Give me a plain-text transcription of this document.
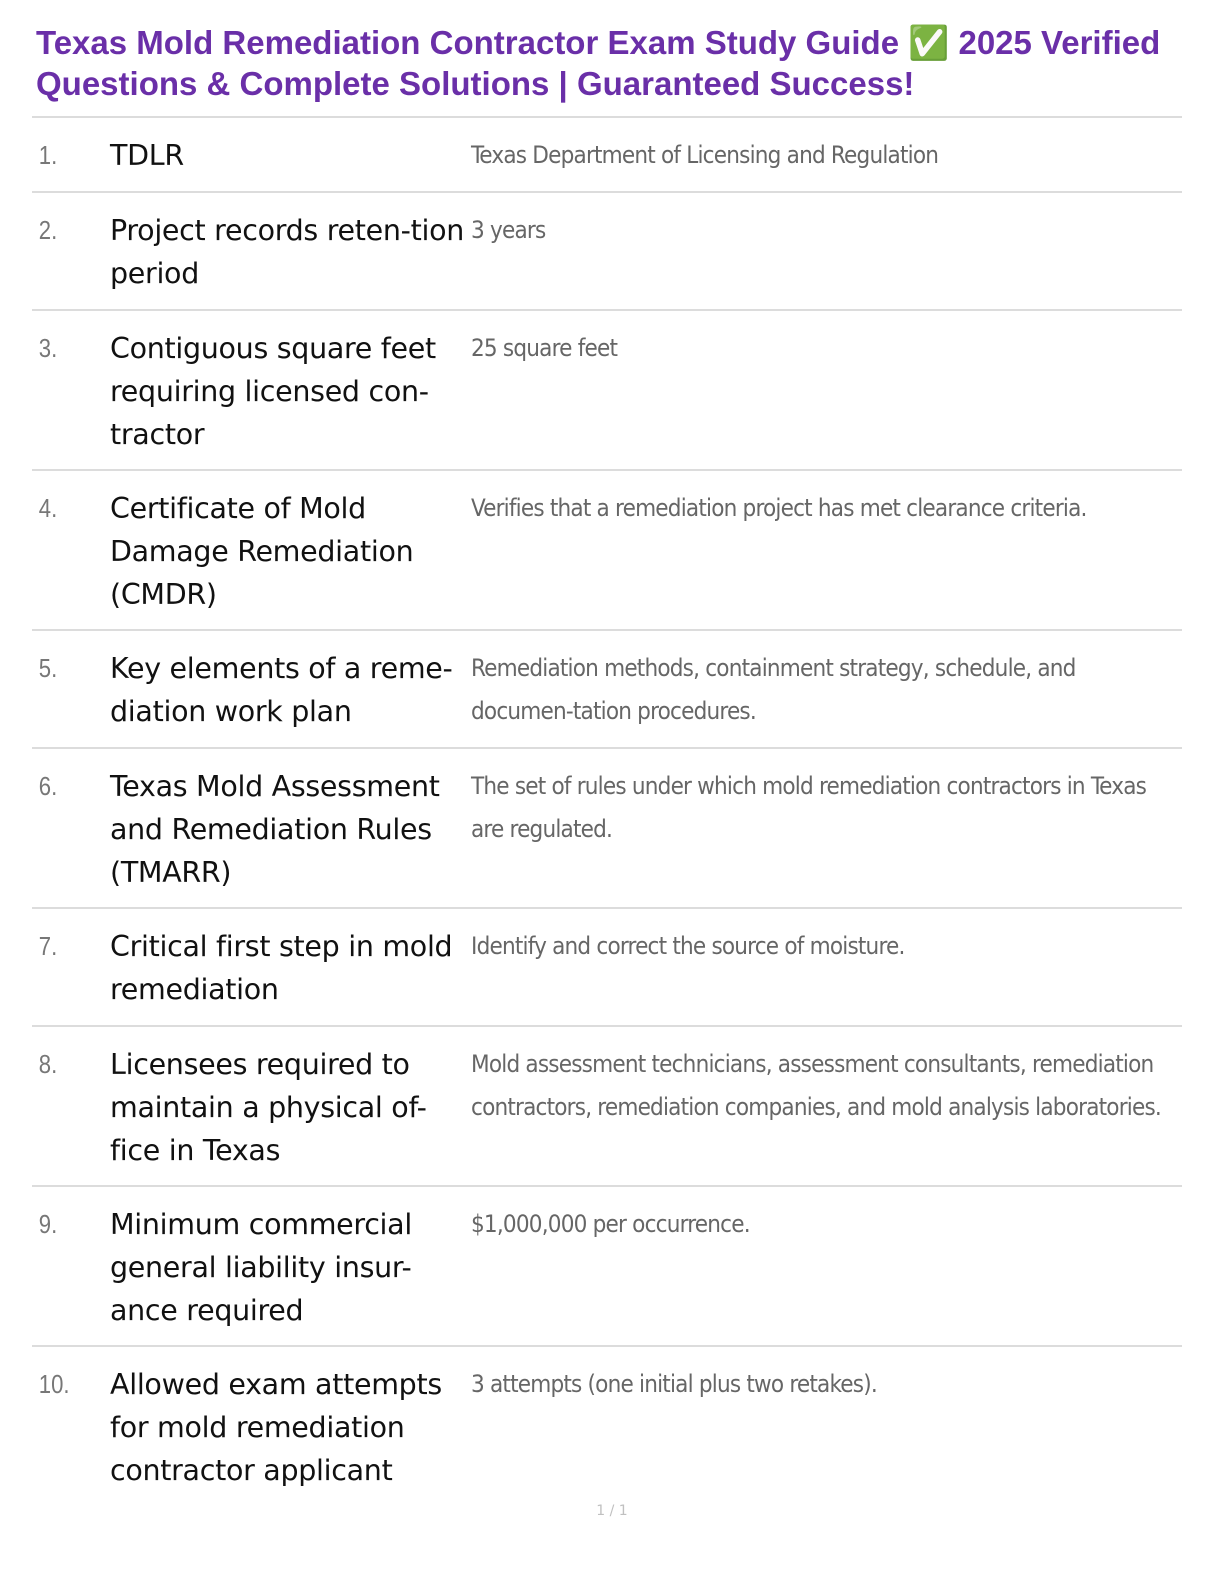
Texas Mold Remediation Contractor Exam Study Guide ✅ 2025 Verified Questions & Complete Solutions | Guaranteed Success!
1.	TDLR	Texas Department of Licensing and Regulation
2.	Project records reten-tion period
3 years
3.	Contiguous square feet requiring licensed con-tractor
25 square feet
4.	Certificate of Mold Damage Remediation (CMDR)
Verifies that a remediation project has met clearance criteria.
5.	Key elements of a reme-diation work plan
Remediation methods, containment strategy, schedule, and documen-tation procedures.
6.	Texas Mold Assessment and Remediation Rules (TMARR)
The set of rules under which mold remediation contractors in Texas are regulated.
7.	Critical first step in mold remediation
Identify and correct the source of moisture.
8.	Licensees required to maintain a physical of-fice in Texas
Mold assessment technicians, assessment consultants, remediation contractors, remediation companies, and mold analysis laboratories.
9.	Minimum commercial general liability insur-ance required
$1,000,000 per occurrence.
10.	Allowed exam attempts for mold remediation contractor applicant
3 attempts (one initial plus two retakes).
1 / 1
